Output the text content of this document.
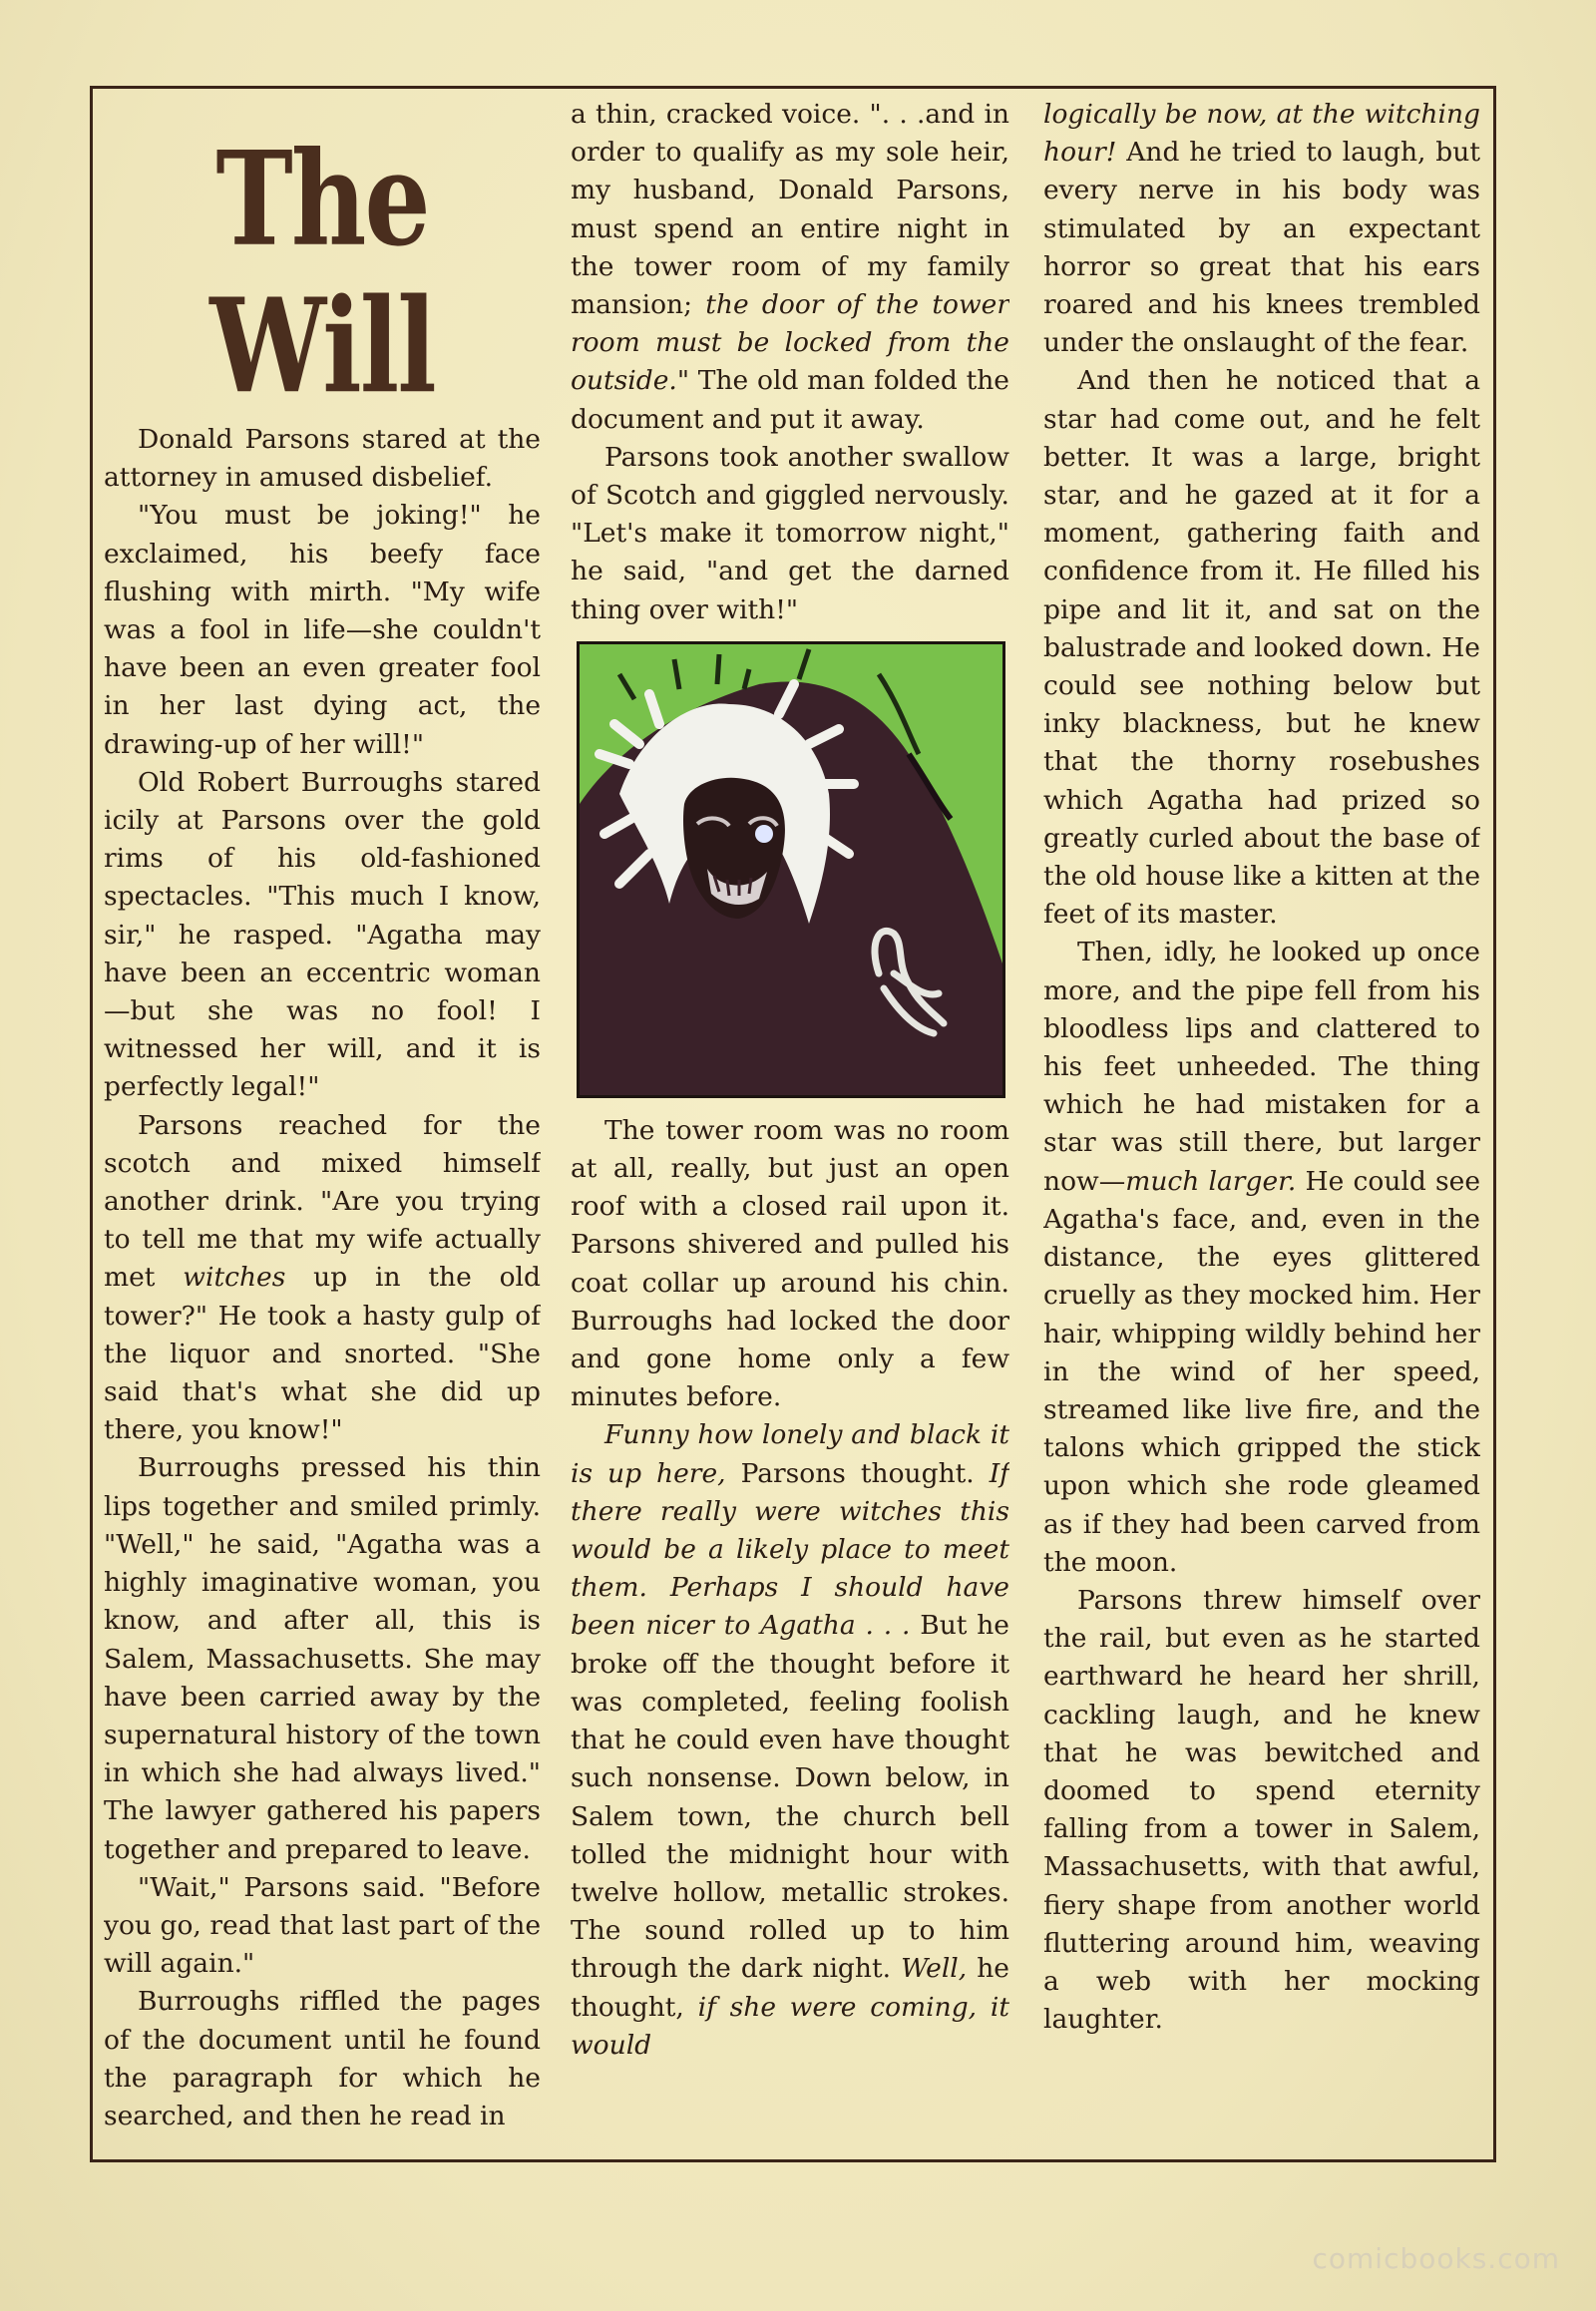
The Will

Donald Parsons stared at the attorney in amused disbelief.

"You must be joking!" he exclaimed, his beefy face flushing with mirth. "My wife was a fool in life—she couldn't have been an even greater fool in her last dying act, the drawing-up of her will!"

Old Robert Burroughs stared icily at Parsons over the gold rims of his old-fashioned spectacles. "This much I know, sir," he rasped. "Agatha may have been an eccentric woman —but she was no fool! I witnessed her will, and it is perfectly legal!"

Parsons reached for the scotch and mixed himself another drink. "Are you trying to tell me that my wife actually met witches up in the old tower?" He took a hasty gulp of the liquor and snorted. "She said that's what she did up there, you know!"

Burroughs pressed his thin lips together and smiled primly. "Well," he said, "Agatha was a highly imaginative woman, you know, and after all, this is Salem, Massachusetts. She may have been carried away by the supernatural history of the town in which she had always lived." The lawyer gathered his papers together and prepared to leave.

"Wait," Parsons said. "Before you go, read that last part of the will again."

Burroughs riffled the pages of the document until he found the paragraph for which he searched, and then he read in

a thin, cracked voice. ". . .and in order to qualify as my sole heir, my husband, Donald Parsons, must spend an entire night in the tower room of my family mansion; the door of the tower room must be locked from the outside." The old man folded the document and put it away.

Parsons took another swallow of Scotch and giggled nervously. "Let's make it tomorrow night," he said, "and get the darned thing over with!"

The tower room was no room at all, really, but just an open roof with a closed rail upon it. Parsons shivered and pulled his coat collar up around his chin. Burroughs had locked the door and gone home only a few minutes before.

Funny how lonely and black it is up here, Parsons thought. If there really were witches this would be a likely place to meet them. Perhaps I should have been nicer to Agatha . . . But he broke off the thought before it was completed, feeling foolish that he could even have thought such nonsense. Down below, in Salem town, the church bell tolled the midnight hour with twelve hollow, metallic strokes. The sound rolled up to him through the dark night. Well, he thought, if she were coming, it would

logically be now, at the witching hour! And he tried to laugh, but every nerve in his body was stimulated by an expectant horror so great that his ears roared and his knees trembled under the onslaught of the fear.

And then he noticed that a star had come out, and he felt better. It was a large, bright star, and he gazed at it for a moment, gathering faith and confidence from it. He filled his pipe and lit it, and sat on the balustrade and looked down. He could see nothing below but inky blackness, but he knew that the thorny rosebushes which Agatha had prized so greatly curled about the base of the old house like a kitten at the feet of its master.

Then, idly, he looked up once more, and the pipe fell from his bloodless lips and clattered to his feet unheeded. The thing which he had mistaken for a star was still there, but larger now—much larger. He could see Agatha's face, and, even in the distance, the eyes glittered cruelly as they mocked him. Her hair, whipping wildly behind her in the wind of her speed, streamed like live fire, and the talons which gripped the stick upon which she rode gleamed as if they had been carved from the moon.

Parsons threw himself over the rail, but even as he started earthward he heard her shrill, cackling laugh, and he knew that he was bewitched and doomed to spend eternity falling from a tower in Salem, Massachusetts, with that awful, fiery shape from another world fluttering around him, weaving a web with her mocking laughter.

comicbooks.com
